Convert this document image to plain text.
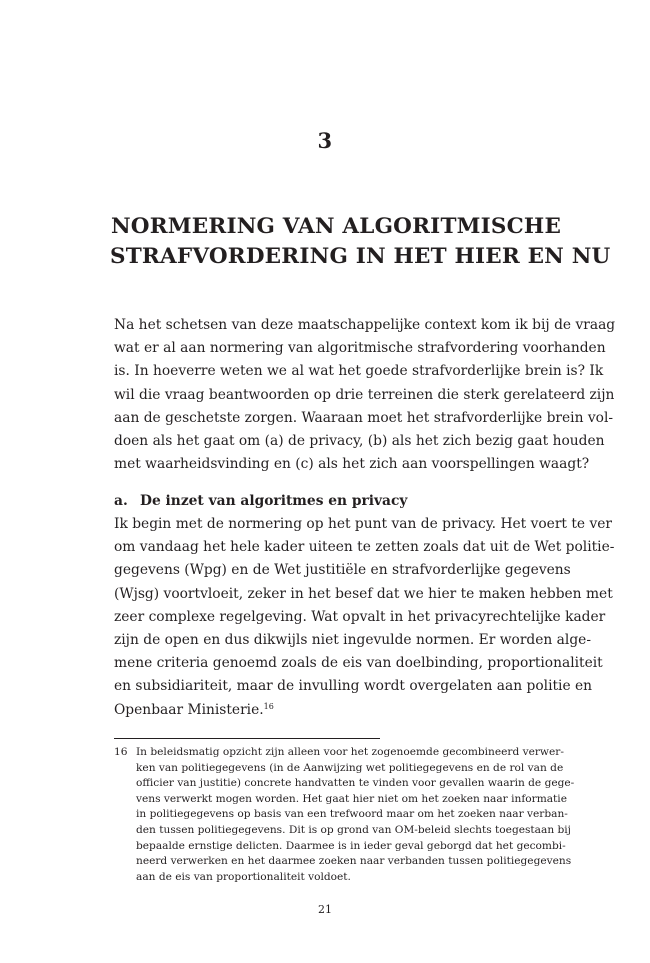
3
NORMERING VAN ALGORITMISCHE
STRAFVORDERING IN HET HIER EN NU
Na het schetsen van deze maatschappelijke context kom ik bij de vraag
wat er al aan normering van algoritmische strafvordering voorhanden
is. In hoeverre weten we al wat het goede strafvorderlijke brein is? Ik
wil die vraag beantwoorden op drie terreinen die sterk gerelateerd zijn
aan de geschetste zorgen. Waaraan moet het strafvorderlijke brein vol-
doen als het gaat om (a) de privacy, (b) als het zich bezig gaat houden
met waarheidsvinding en (c) als het zich aan voorspellingen waagt?
a. De inzet van algoritmes en privacy
Ik begin met de normering op het punt van de privacy. Het voert te ver
om vandaag het hele kader uiteen te zetten zoals dat uit de Wet politie-
gegevens (Wpg) en de Wet justitiële en strafvorderlijke gegevens
(Wjsg) voortvloeit, zeker in het besef dat we hier te maken hebben met
zeer complexe regelgeving. Wat opvalt in het privacyrechtelijke kader
zijn de open en dus dikwijls niet ingevulde normen. Er worden alge-
mene criteria genoemd zoals de eis van doelbinding, proportionaliteit
en subsidiariteit, maar de invulling wordt overgelaten aan politie en
Openbaar Ministerie.$^{16}$
16 In beleidsmatig opzicht zijn alleen voor het zogenoemde gecombineerd verwer-
ken van politiegegevens (in de Aanwijzing wet politiegegevens en de rol van de
officier van justitie) concrete handvatten te vinden voor gevallen waarin de gege-
vens verwerkt mogen worden. Het gaat hier niet om het zoeken naar informatie
in politiegegevens op basis van een trefwoord maar om het zoeken naar verban-
den tussen politiegegevens. Dit is op grond van OM-beleid slechts toegestaan bij
bepaalde ernstige delicten. Daarmee is in ieder geval geborgd dat het gecombi-
neerd verwerken en het daarmee zoeken naar verbanden tussen politiegegevens
aan de eis van proportionaliteit voldoet.
21
